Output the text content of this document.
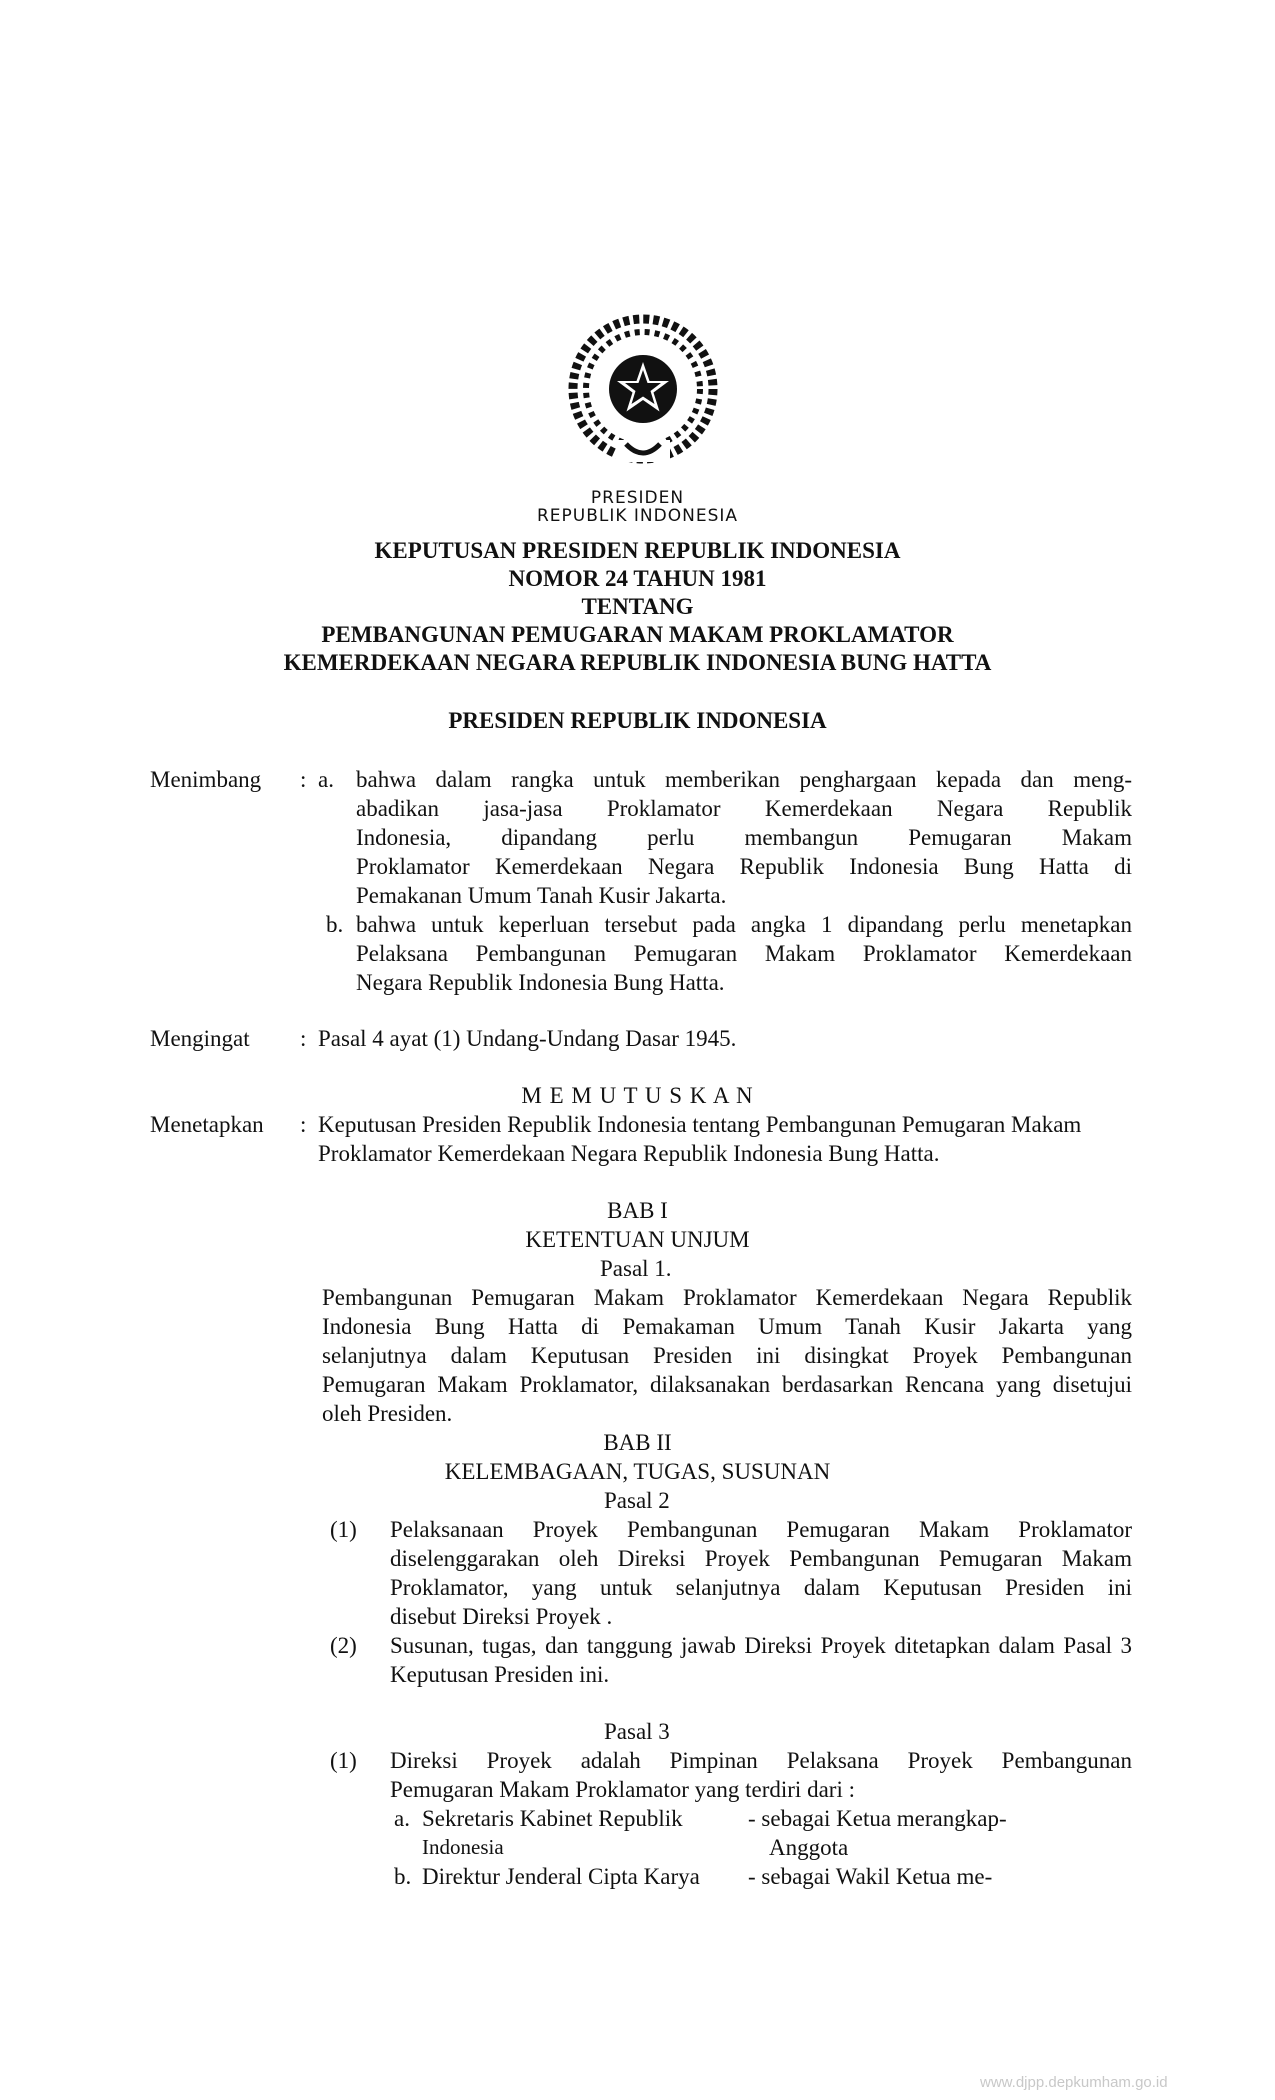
PRESIDEN
REPUBLIK INDONESIA
KEPUTUSAN PRESIDEN REPUBLIK INDONESIA
NOMOR 24 TAHUN 1981
TENTANG
PEMBANGUNAN PEMUGARAN MAKAM PROKLAMATOR
KEMERDEKAAN NEGARA REPUBLIK INDONESIA BUNG HATTA
PRESIDEN REPUBLIK INDONESIA
Menimbang : a. bahwa dalam rangka untuk memberikan penghargaan kepada dan meng-
abadikan jasa-jasa Proklamator Kemerdekaan Negara Republik
Indonesia, dipandang perlu membangun Pemugaran Makam
Proklamator Kemerdekaan Negara Republik Indonesia Bung Hatta di
Pemakanan Umum Tanah Kusir Jakarta.
b. bahwa untuk keperluan tersebut pada angka 1 dipandang perlu menetapkan
Pelaksana Pembangunan Pemugaran Makam Proklamator Kemerdekaan
Negara Republik Indonesia Bung Hatta.
Mengingat : Pasal 4 ayat (1) Undang-Undang Dasar 1945.
M E M U T U S K A N
Menetapkan : Keputusan Presiden Republik Indonesia tentang Pembangunan Pemugaran Makam
Proklamator Kemerdekaan Negara Republik Indonesia Bung Hatta.
BAB I
KETENTUAN UNJUM
Pasal 1.
Pembangunan Pemugaran Makam Proklamator Kemerdekaan Negara Republik
Indonesia Bung Hatta di Pemakaman Umum Tanah Kusir Jakarta yang
selanjutnya dalam Keputusan Presiden ini disingkat Proyek Pembangunan
Pemugaran Makam Proklamator, dilaksanakan berdasarkan Rencana yang disetujui
oleh Presiden.
BAB II
KELEMBAGAAN, TUGAS, SUSUNAN
Pasal 2
(1) Pelaksanaan Proyek Pembangunan Pemugaran Makam Proklamator
diselenggarakan oleh Direksi Proyek Pembangunan Pemugaran Makam
Proklamator, yang untuk selanjutnya dalam Keputusan Presiden ini
disebut Direksi Proyek .
(2) Susunan, tugas, dan tanggung jawab Direksi Proyek ditetapkan dalam Pasal 3
Keputusan Presiden ini.
Pasal 3
(1) Direksi Proyek adalah Pimpinan Pelaksana Proyek Pembangunan
Pemugaran Makam Proklamator yang terdiri dari :
a. Sekretaris Kabinet Republik
Indonesia
- sebagai Ketua merangkap-
Anggota
b. Direktur Jenderal Cipta Karya - sebagai Wakil Ketua me-
www.djpp.depkumham.go.id
